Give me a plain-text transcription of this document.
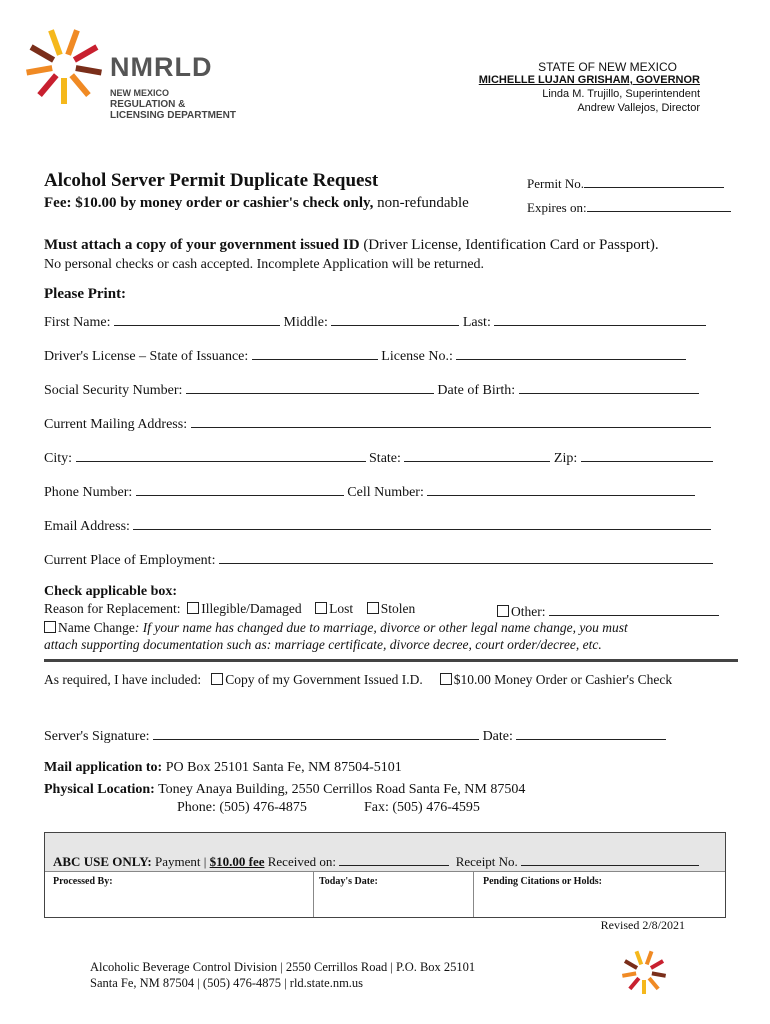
NMRLD
NEW MEXICO
REGULATION &
LICENSING DEPARTMENT
STATE OF NEW MEXICO
MICHELLE LUJAN GRISHAM, GOVERNOR
Linda M. Trujillo, Superintendent
Andrew Vallejos, Director
Alcohol Server Permit Duplicate Request	Permit No.
Fee: $10.00 by money order or cashier's check only, non-refundable	Expires on:
Must attach a copy of your government issued ID (Driver License, Identification Card or Passport).
No personal checks or cash accepted. Incomplete Application will be returned.
Please Print:
First Name:	Middle:	Last:
Driver's License – State of Issuance:	License No.:
Social Security Number:	Date of Birth:
Current Mailing Address:
City:	State:	Zip:
Phone Number:	Cell Number:
Email Address:
Current Place of Employment:
Check applicable box:
Reason for Replacement: Illegible/Damaged Lost Stolen	Other:
Name Change: If your name has changed due to marriage, divorce or other legal name change, you must
attach supporting documentation such as: marriage certificate, divorce decree, court order/decree, etc.
As required, I have included: Copy of my Government Issued I.D. $10.00 Money Order or Cashier's Check
Server's Signature:	Date:
Mail application to: PO Box 25101 Santa Fe, NM 87504-5101
Physical Location: Toney Anaya Building, 2550 Cerrillos Road Santa Fe, NM 87504
Phone: (505) 476-4875	Fax: (505) 476-4595
ABC USE ONLY: Payment | $10.00 fee Received on:	Receipt No.
Processed By:	Today's Date:	Pending Citations or Holds:
Revised 2/8/2021
Alcoholic Beverage Control Division | 2550 Cerrillos Road | P.O. Box 25101
Santa Fe, NM 87504 | (505) 476-4875 | rld.state.nm.us
